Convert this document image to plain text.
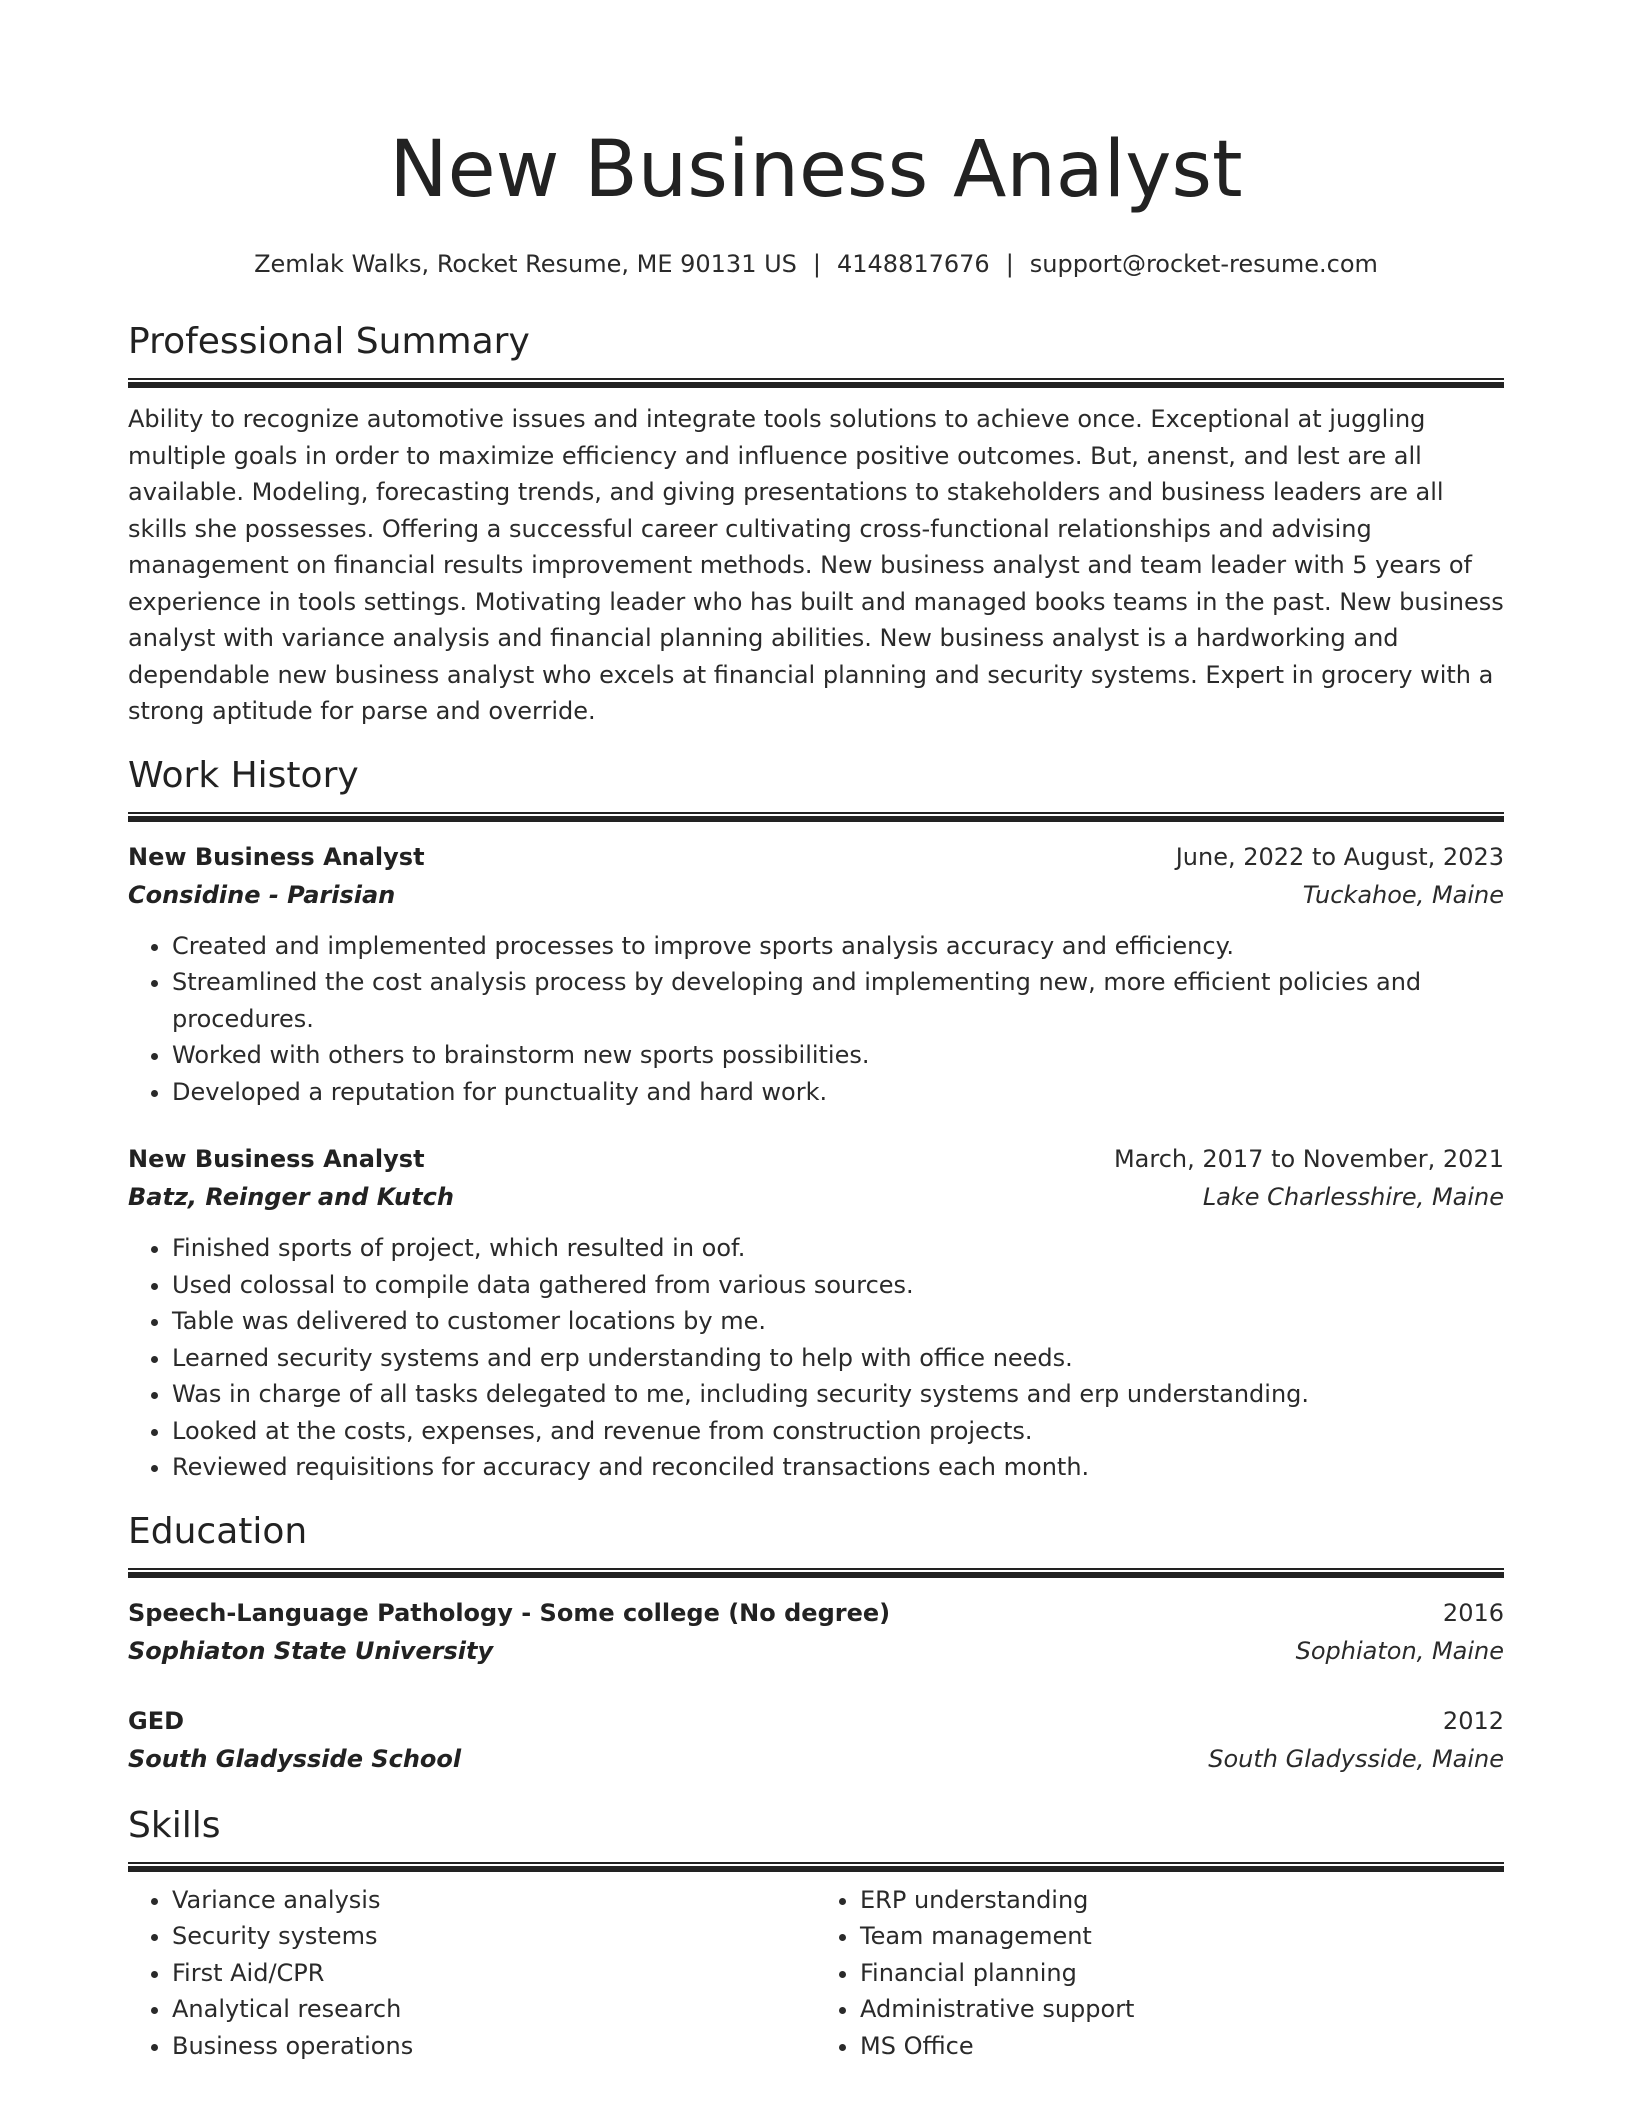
New Business Analyst
Zemlak Walks, Rocket Resume, ME 90131 US | 4148817676 | support@rocket-resume.com
Professional Summary

Ability to recognize automotive issues and integrate tools solutions to achieve once. Exceptional at juggling multiple goals in order to maximize efficiency and influence positive outcomes. But, anenst, and lest are all available. Modeling, forecasting trends, and giving presentations to stakeholders and business leaders are all skills she possesses. Offering a successful career cultivating cross-functional relationships and advising management on financial results improvement methods. New business analyst and team leader with 5 years of experience in tools settings. Motivating leader who has built and managed books teams in the past. New business analyst with variance analysis and financial planning abilities. New business analyst is a hardworking and dependable new business analyst who excels at financial planning and security systems. Expert in grocery with a strong aptitude for parse and override.

Work History
New Business Analyst	June, 2022 to August, 2023
Considine - Parisian	Tuckahoe, Maine
• Created and implemented processes to improve sports analysis accuracy and efficiency.
• Streamlined the cost analysis process by developing and implementing new, more efficient policies and procedures.
• Worked with others to brainstorm new sports possibilities.
• Developed a reputation for punctuality and hard work.
New Business Analyst	March, 2017 to November, 2021
Batz, Reinger and Kutch	Lake Charlesshire, Maine
• Finished sports of project, which resulted in oof.
• Used colossal to compile data gathered from various sources.
• Table was delivered to customer locations by me.
• Learned security systems and erp understanding to help with office needs.
• Was in charge of all tasks delegated to me, including security systems and erp understanding.
• Looked at the costs, expenses, and revenue from construction projects.
• Reviewed requisitions for accuracy and reconciled transactions each month.
Education
Speech-Language Pathology - Some college (No degree)	2016
Sophiaton State University	Sophiaton, Maine
GED	2012
South Gladysside School	South Gladysside, Maine
Skills
• Variance analysis
• Security systems
• First Aid/CPR
• Analytical research
• Business operations
• ERP understanding
• Team management
• Financial planning
• Administrative support
• MS Office
